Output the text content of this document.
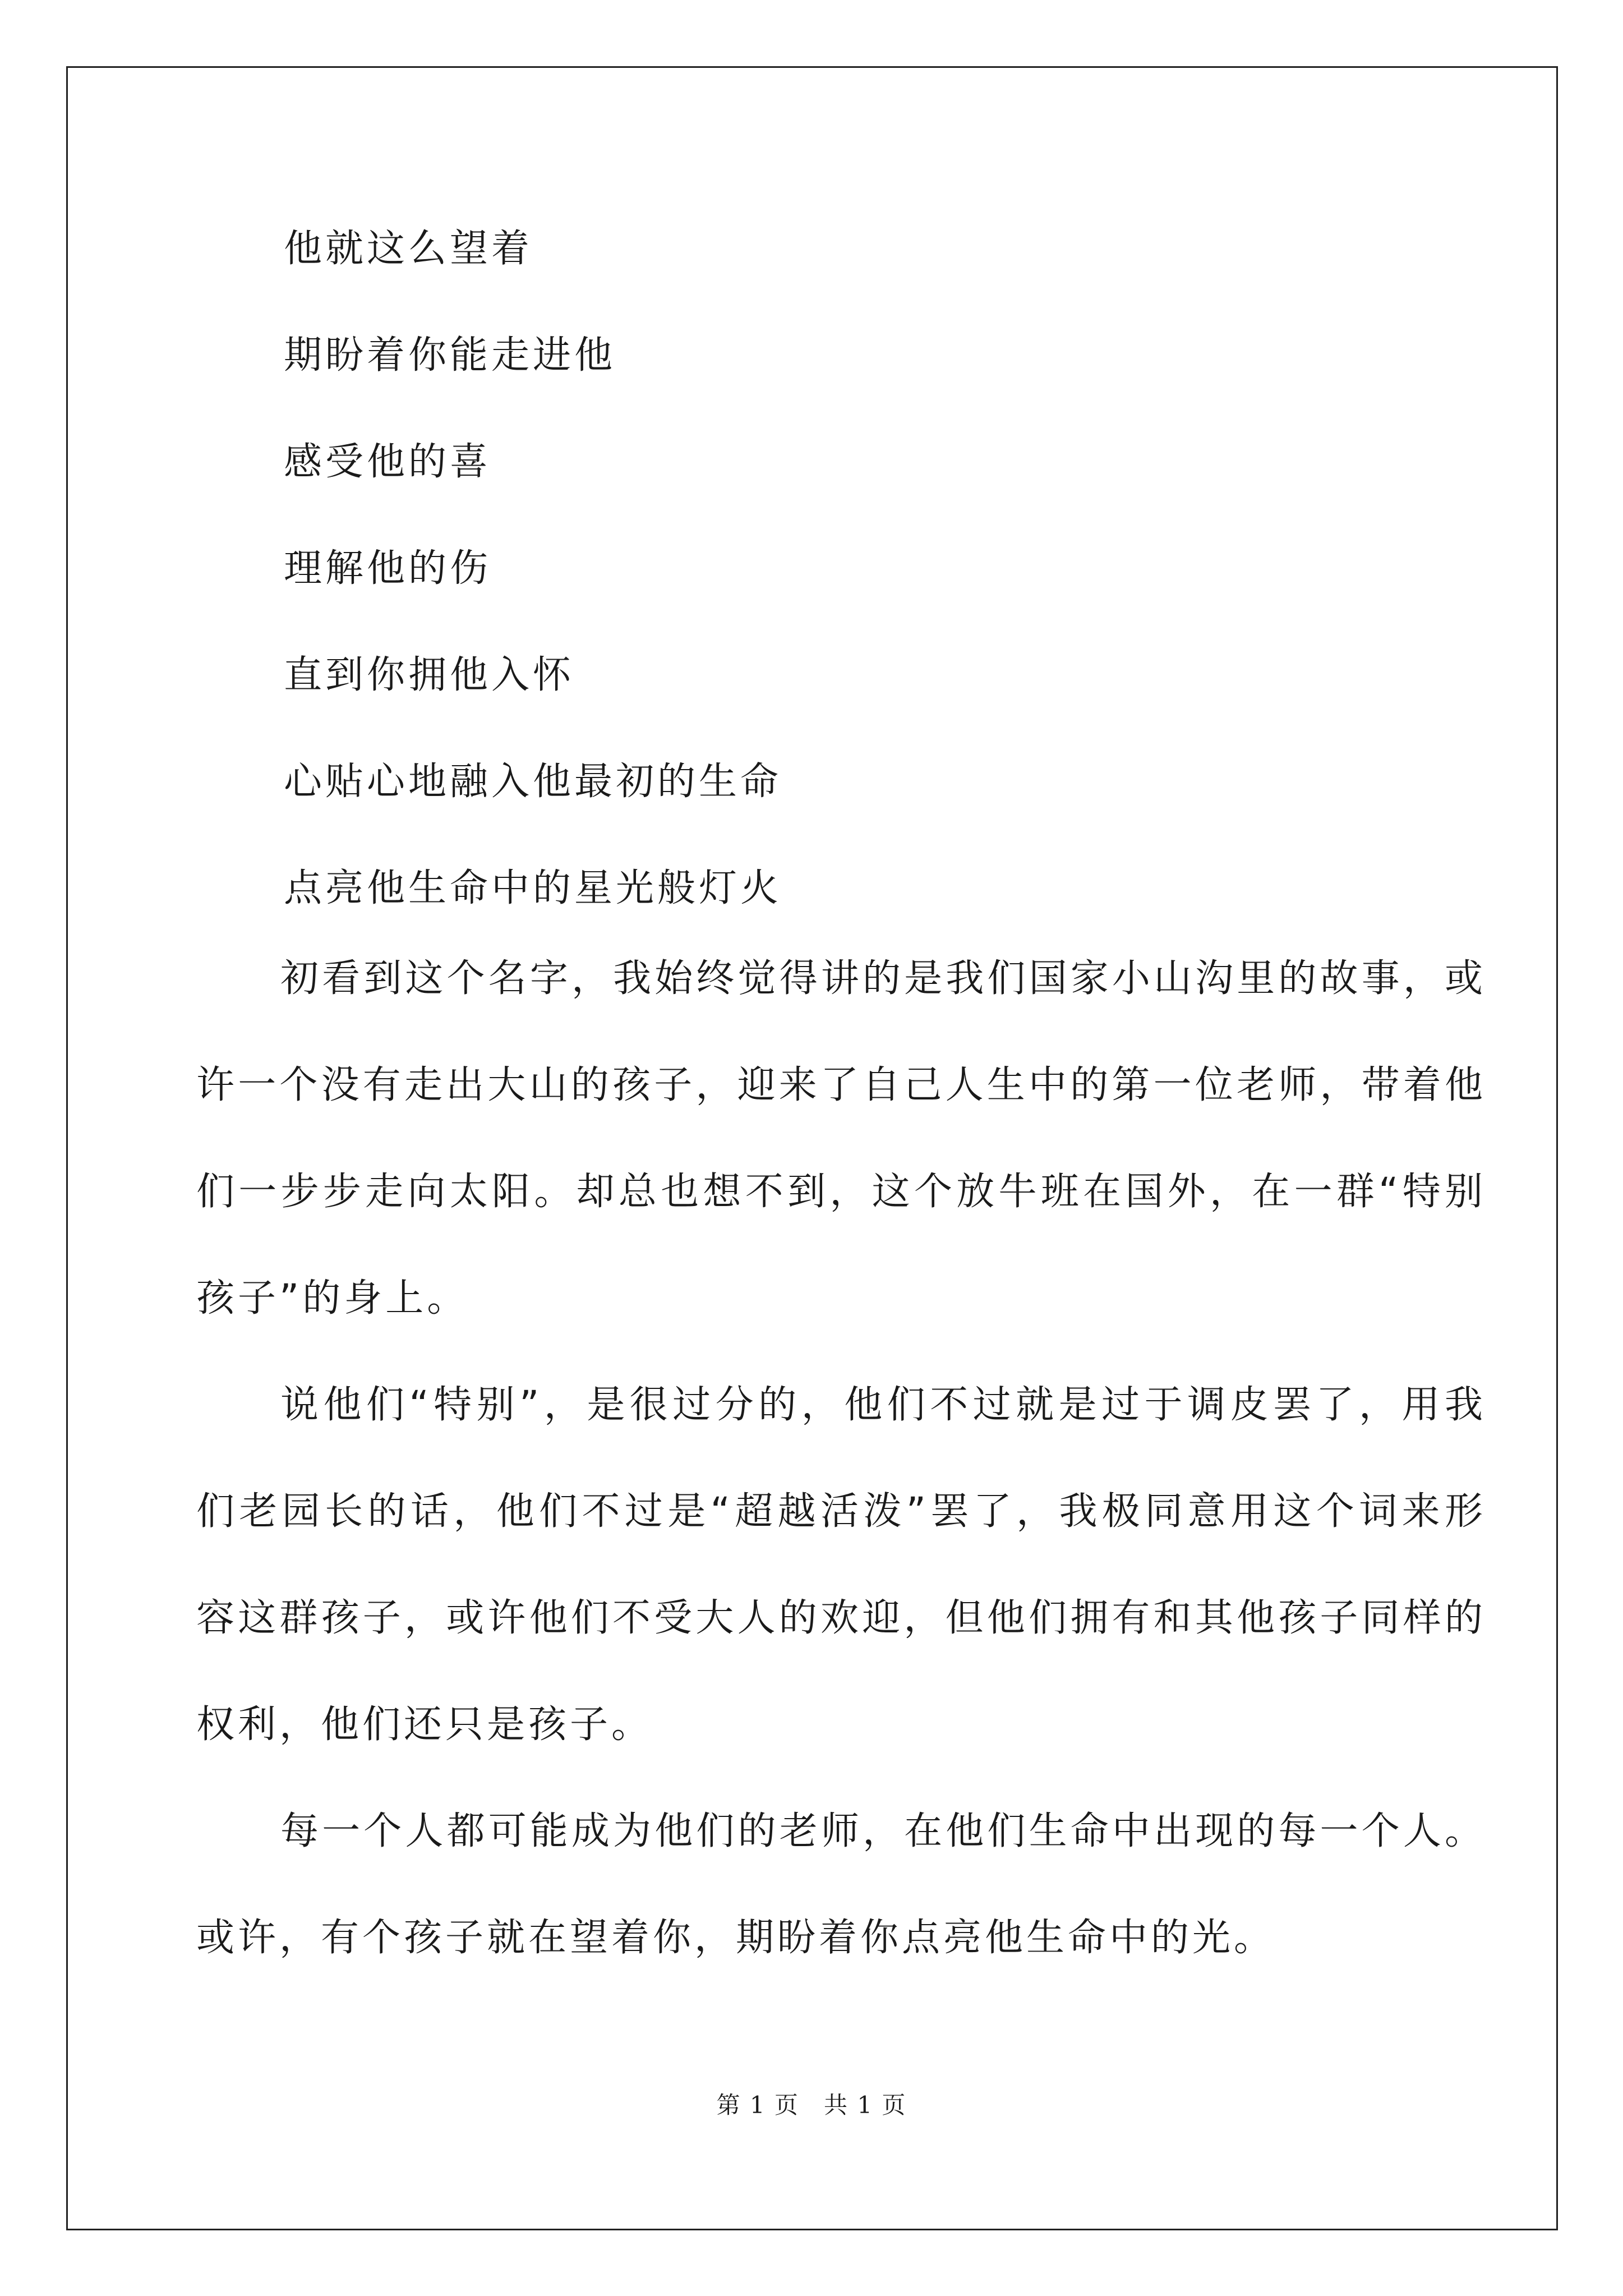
他就这么望着
期盼着你能走进他
感受他的喜
理解他的伤
直到你拥他入怀
心贴心地融入他最初的生命
点亮他生命中的星光般灯火

初看到这个名字，我始终觉得讲的是我们国家小山沟里的故事，或许一个没有走出大山的孩子，迎来了自己人生中的第一位老师，带着他们一步步走向太阳。却总也想不到，这个放牛班在国外，在一群“特别孩子”的身上。

说他们“特别”，是很过分的，他们不过就是过于调皮罢了，用我们老园长的话，他们不过是“超越活泼”罢了，我极同意用这个词来形容这群孩子，或许他们不受大人的欢迎，但他们拥有和其他孩子同样的权利，他们还只是孩子。

每一个人都可能成为他们的老师，在他们生命中出现的每一个人。或许，有个孩子就在望着你，期盼着你点亮他生命中的光。

第 1 页　共 1 页
